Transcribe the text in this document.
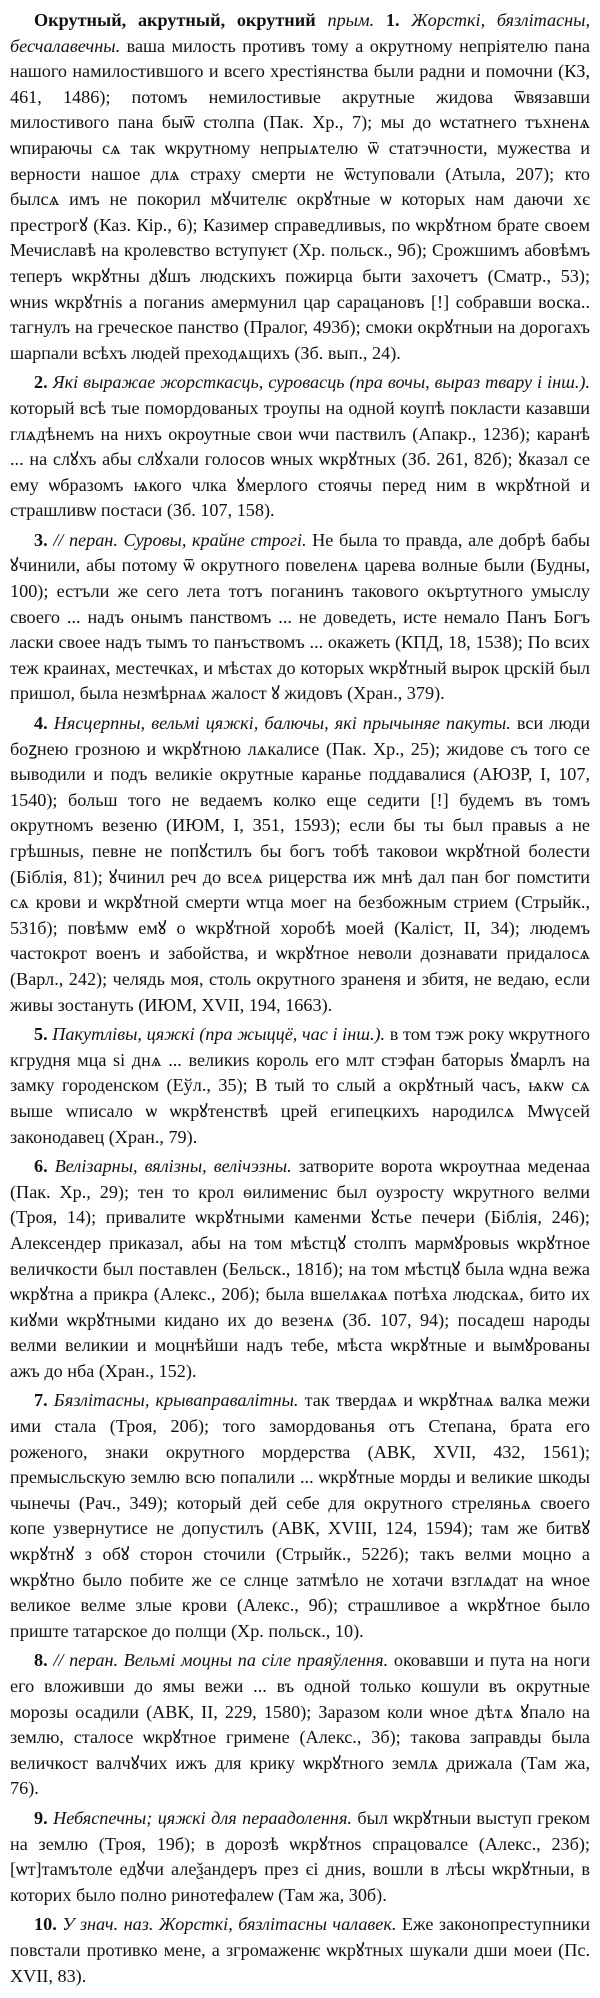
Окрутный, акрутный, окрутний прым. 1. Жорсткі, бязлітасны, бесчалавечны. ваша милость противъ тому а окрутному непріятелю пана нашого намилостившого и всего хрестіянства были радни и помочни (КЗ, 461, 1486); потомъ немилостивые акрутные жидова ѿвязавши милостивого пана быѿ столпа (Пак. Хр., 7); мы до ѡстатнего тъхненѧ ѡпираючы сѧ так ѡкрутному непрыѧтелю ѿ статэчности, мужества и верности нашое длѧ страху смерти не ѿступовали (Атыла, 207); кто былсѧ имъ не покорил мꙋчителѥ окрꙋтные ѡ которых нам даючи хє престрогꙋ (Каз. Кір., 6); Казимер справедливыѕ, по ѡкрꙋтном брате своем Мечиславѣ на кролевство вступуѥт (Хр. польск., 9б); Срожшимъ абовѣмъ теперъ ѡкрꙋтны дꙋшъ людскихъ пожирца быти захочетъ (Сматр., 53); ѡниѕ ѡкрꙋтніѕ а поганиѕ амермунил цар сарацановъ [!] собравши воска.. тагнулъ на греческое панство (Пралог, 493б); смоки окрꙋтныи на дорогахъ шарпали всѣхъ людей преходѧщихъ (Зб. вып., 24).

2. Які выражае жорсткасць, суровасць (пра вочы, выраз твару і інш.). который всѣ тые помордованых троупы на одной коупѣ покласти казавши глѧдѣнемъ на нихъ окроутные свои ѡчи паствилъ (Апакр., 123б); каранѣ ... на слꙋхъ абы слꙋхали голосов ѡных ѡкрꙋтных (Зб. 261, 82б); ꙋказал се ему ѡбразомъ ѩкого члка ꙋмерлого стоячы перед ним в ѡкрꙋтной и страшливѡ постаси (Зб. 107, 158).

3. // перан. Суровы, крайне строгі. Не была то правда, але добрѣ бабы ꙋчинили, абы потому ѿ окрутного повеленѧ царева волные были (Будны, 100); естъли же сего лета тотъ поганинъ такового окъртутного умыслу своего ... надъ онымъ панствомъ ... не доведеть, исте немало Панъ Богъ ласки своее надъ тымъ то панъствомъ ... окажеть (КПД, 18, 1538); По всих теж краинах, местечках, и мѣстах до которых ѡкрꙋтный вырок црскій был пришол, была незмѣрнаѧ жалост ꙋ жидовъ (Хран., 379).

4. Нясцерпны, вельмі цяжкі, балючы, які прычыняе пакуты. вси люди боꙁнею грозною и ѡкрꙋтною лѧкалисе (Пак. Хр., 25); жидове съ того се выводили и подъ великіе окрутные караньe поддавалися (АЮЗР, I, 107, 1540); больш того не ведаемъ колко еще седити [!] будемъ въ томъ окрутномъ везеню (ИЮМ, I, 351, 1593); если бы ты был правыѕ а не грѣшныѕ, певне не попꙋстилъ бы богъ тобѣ таковои ѡкрꙋтной болести (Біблія, 81); ꙋчинил реч до всеѧ рицерства иж мнѣ дал пан бог помстити сѧ крови и ѡкрꙋтной смерти ѡтца моег на безбожным стрием (Стрыйк., 531б); повѣмѡ емꙋ о ѡкрꙋтной хоробѣ моей (Каліст, II, 34); людемъ частокрот военъ и забойства, и ѡкрꙋтное неволи дознавати придалосѧ (Варл., 242); челядь моя, столь окрутного зраненя и збитя, не ведаю, если живы зостануть (ИЮМ, XVII, 194, 1663).

5. Пакутлівы, цяжкі (пра жыццё, час і інш.). в том тэж року ѡкрутного кгрудня мца ѕі днѧ ... великиѕ король его млт стэфан баторыѕ ꙋмарлъ на замку городенском (Еўл., 35); В тый то слый а окрꙋтный часъ, ѩкѡ сѧ выше wписало ѡ ѡкрꙋтенствѣ црей египецкихъ народилсѧ Мѡүсей законодавец (Хран., 79).

6. Велізарны, вялізны, велічэзны. затворите ворота ѡкроутнаа меденаа (Пак. Хр., 29); тен то крол ѳилименис был оузросту ѡкрутного велми (Троя, 14); привалите ѡкрꙋтными каменми ꙋстье печери (Біблія, 246); Алексендер приказал, абы на том мѣстцꙋ столпъ мармꙋровыѕ ѡкрꙋтное величкости был поставлен (Бельск., 181б); на том мѣстцꙋ была ѡдна вежа ѡкрꙋтна а прикра (Алекс., 20б); была вшелѧкаѧ потѣха людскаѧ, бито их киꙋми ѡкрꙋтными кидано их до везенѧ (Зб. 107, 94); посадеш народы велми великии и моцнѣйши надъ тебе, мѣста ѡкрꙋтные и вымꙋрованы ажъ до нба (Хран., 152).

7. Бязлітасны, крываправалітны. так твердаѧ и ѡкрꙋтнаѧ валка межи ими стала (Троя, 20б); того замордованья отъ Степана, брата его роженого, знаки окрутного мордерства (АВК, XVII, 432, 1561); премысльскую землю всю попалили ... ѡкрꙋтные морды и великие шкоды чынечы (Рач., 349); который дей себе для окрутного стреляньѧ своего копе узвернутисе не допустилъ (АВК, XVIII, 124, 1594); там же битвꙋ ѡкрꙋтнꙋ з обꙋ сторон сточили (Стрыйк., 522б); такъ велми моцно а ѡкрꙋтно было побите же се слнце затмѣло не хотачи взглѧдат на ѡное великое велме злые крови (Алекс., 9б); страшливое а ѡкрꙋтное было приште татарское до полщи (Хр. польск., 10).

8. // перан. Вельмі моцны па сіле праяўлення. оковавши и пута на ноги его вложивши до ямы вежи ... въ одной только кошули въ окрутные морозы осадили (АВК, II, 229, 1580); Заразом коли ѡное дѣтѧ ꙋпало на землю, сталосе ѡкрꙋтное гримене (Алекс., 3б); такова заправды была величкост валчꙋчих ижъ для крику ѡкрꙋтного землѧ дрижала (Там жа, 76).

9. Небяспечны; цяжкі для пераадолення. был ѡкрꙋтныи выступ греком на землю (Троя, 19б); в дорозѣ ѡкрꙋтноѕ спрацовалсе (Алекс., 23б); [ѡт]тамътоле едꙋчи алеѯандеръ през єі дниѕ, вошли в лѣсы ѡкрꙋтныи, в которих было полно ринотефалеѡ (Там жа, 30б).

10. У знач. наз. Жорсткі, бязлітасны чалавек. Еже законопреступники повстали противко мене, а згромаженѥ ѡкрꙋтных шукали дши моеи (Пс. XVII, 83).
